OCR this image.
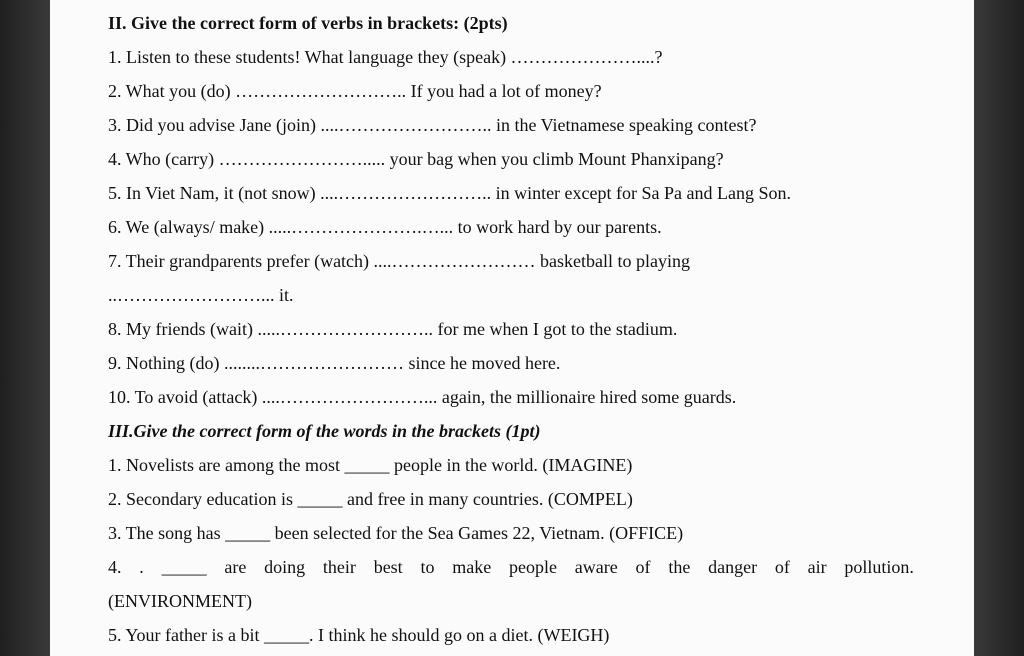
II. Give the correct form of verbs in brackets: (2pts)
1. Listen to these students! What language they (speak) …………………....?
2. What you (do) ……………………….. If you had a lot of money?
3. Did you advise Jane (join) ....…………………….. in the Vietnamese speaking contest?
4. Who (carry) ……………………..... your bag when you climb Mount Phanxipang?
5. In Viet Nam, it (not snow) ....…………………….. in winter except for Sa Pa and Lang Son.
6. We (always/ make) .....………………….…... to work hard by our parents.
7. Their grandparents prefer (watch) ....…………………… basketball to playing
..……………………... it.
8. My friends (wait) .....…………………….. for me when I got to the stadium.
9. Nothing (do) ........…………………… since he moved here.
10. To avoid (attack) ....……………………... again, the millionaire hired some guards.
III.Give the correct form of the words in the brackets (1pt)
1. Novelists are among the most _____ people in the world. (IMAGINE)
2. Secondary education is _____ and free in many countries. (COMPEL)
3. The song has _____ been selected for the Sea Games 22, Vietnam. (OFFICE)
4. . _____ are doing their best to make people aware of the danger of air pollution.
(ENVIRONMENT)
5. Your father is a bit _____. I think he should go on a diet. (WEIGH)
